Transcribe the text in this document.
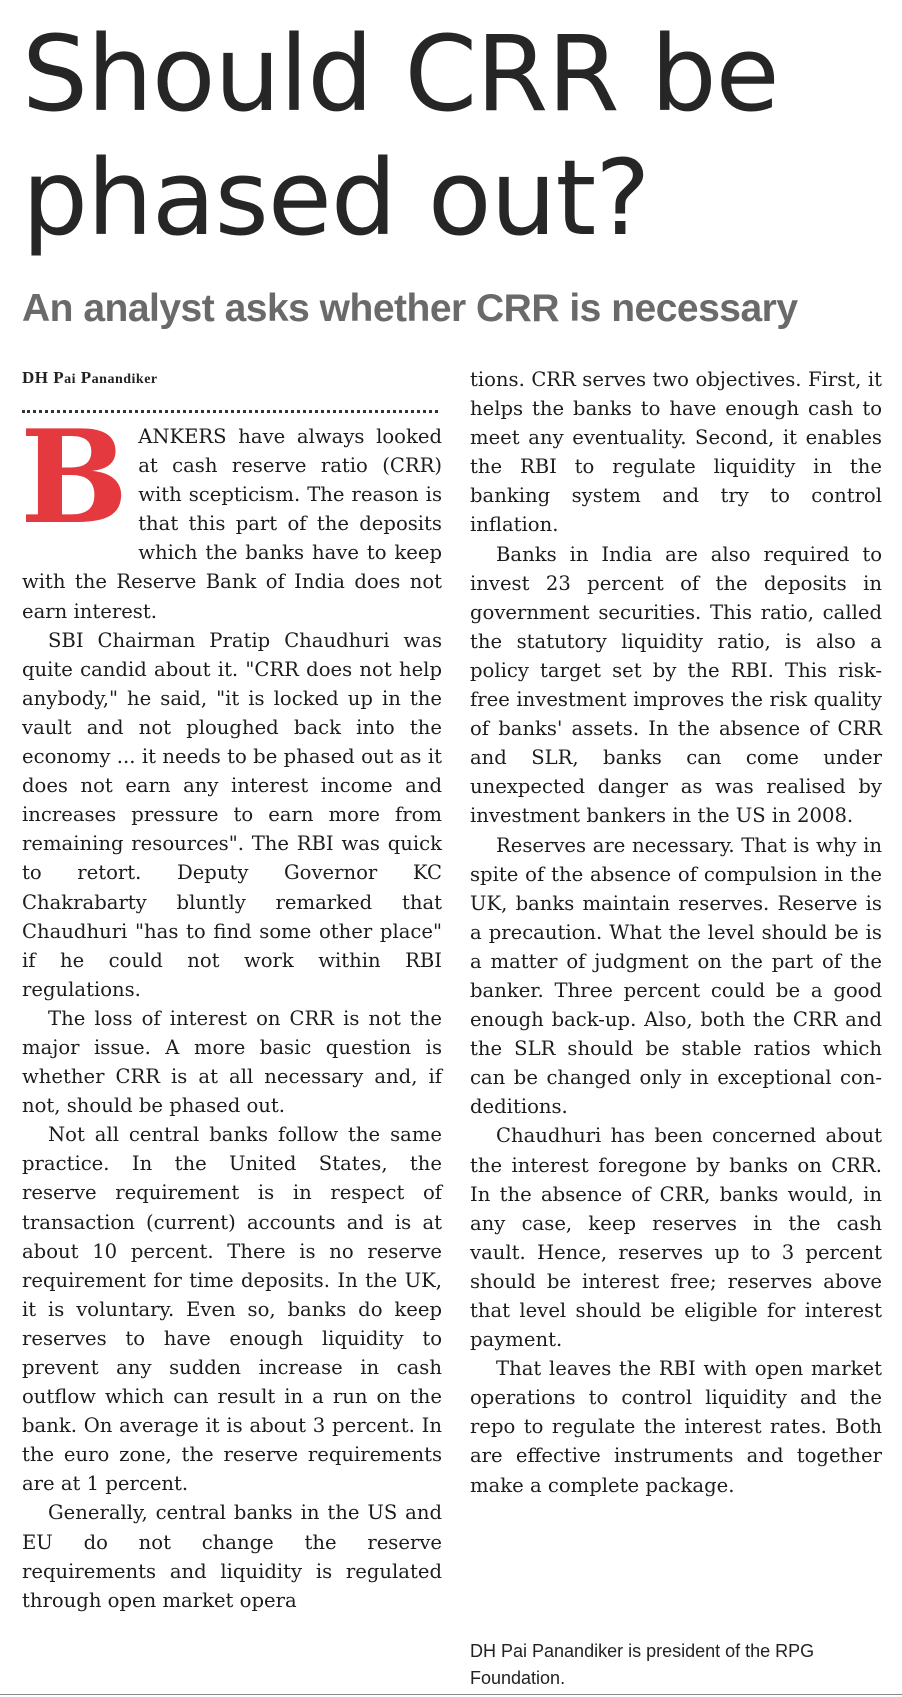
Should CRR be phased out?
An analyst asks whether CRR is necessary
DH Pai Panandiker

BANKERS have always looked at cash reserve ratio (CRR) with scepticism. The reason is that this part of the deposits which the banks have to keep with the Reserve Bank of India does not earn interest.

SBI Chairman Pratip Chaudhuri was quite candid about it. "CRR does not help anybody," he said, "it is locked up in the vault and not ploughed back into the economy ... it needs to be phased out as it does not earn any interest income and increases pressure to earn more from remaining resources". The RBI was quick to retort. Deputy Governor KC Chakrabarty bluntly remarked that Chaudhuri "has to find some other place" if he could not work within RBI regulations.

The loss of interest on CRR is not the major issue. A more basic question is whether CRR is at all necessary and, if not, should be phased out.

Not all central banks follow the same practice. In the United States, the reserve requirement is in respect of transaction (current) accounts and is at about 10 percent. There is no reserve requirement for time deposits. In the UK, it is voluntary. Even so, banks do keep reserves to have enough liquidity to prevent any sudden increase in cash outflow which can result in a run on the bank. On average it is about 3 percent. In the euro zone, the reserve requirements are at 1 percent.

Generally, central banks in the US and EU do not change the reserve requirements and liquidity is regulated through open market opera

tions. CRR serves two objectives. First, it helps the banks to have enough cash to meet any eventuality. Second, it enables the RBI to regulate liquidity in the banking system and try to control inflation.

Banks in India are also required to invest 23 percent of the deposits in government securities. This ratio, called the statutory liquidity ratio, is also a policy target set by the RBI. This risk-free investment improves the risk quality of banks' assets. In the absence of CRR and SLR, banks can come under unexpected danger as was realised by investment bankers in the US in 2008.

Reserves are necessary. That is why in spite of the absence of compulsion in the UK, banks maintain reserves. Reserve is a precaution. What the level should be is a matter of judgment on the part of the banker. Three percent could be a good enough back-up. Also, both the CRR and the SLR should be stable ratios which can be changed only in exceptional condeditions.

Chaudhuri has been concerned about the interest foregone by banks on CRR. In the absence of CRR, banks would, in any case, keep reserves in the cash vault. Hence, reserves up to 3 percent should be interest free; reserves above that level should be eligible for interest payment.

That leaves the RBI with open market operations to control liquidity and the repo to regulate the interest rates. Both are effective instruments and together make a complete package.

DH Pai Panandiker is president of the RPG Foundation.
